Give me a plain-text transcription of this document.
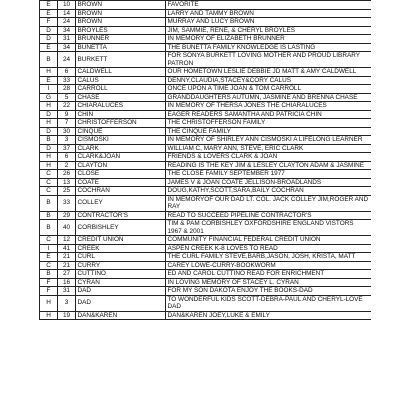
E	10	BROWN	FAVORITE
E	14	BROWN	LARRY AND TAMMY BROWN
F	24	BROWN	MURRAY AND LUCY BROWN
D	34	BROYLES	JIM, SAMMIE, RENE, & CHERYL BROYLES
D	31	BRUNNER	IN MEMORY OF ELIZABETH BRUNNER
E	34	BUNETTA	THE BUNETTA FAMILY KNOWLEDGE IS LASTING
B	24	BURKETT	FOR SONYA BURKETT LOVING MOTHER AND PROUD LIBRARY PATRON
H	6	CALDWELL	OUR HOMETOWN LESLIE DEBBIE JD MATT & AMY CALDWELL
E	33	CALUS	DENNY,CLAUDIA,STACEY&CORY CALUS
I	28	CARROLL	ONCE UPON A TIME JOAN & TOM CARROLL
G	5	CHASE	GRANDDAUGHTERS AUTUMN, JASMINE AND BRENNA CHASE
H	22	CHIARALUCES	IN MEMORY OF THERSA JONES THE CHIARALUCES
D	9	CHIN	EAGER READERS SAMANTHA AND PATRICIA CHIN
H	7	CHRISTOFFERSON	THE CHRISTOFFERSON FAMILY
D	30	CINQUE	THE CINQUE FAMILY
B	3	CISMOSKI	IN MEMORY OF SHIRLEY ANN CISMOSKI A LIFELONG LEARNER
D	37	CLARK	WILLIAM C, MARY ANN, STEVE, ERIC CLARK
H	6	CLARK&JOAN	FRIENDS & LOVERS CLARK & JOAN
H	2	CLAYTON	READING IS THE KEY JIM & LESLEY CLAYTON ADAM & JASMINE
C	26	CLOSE	THE CLOSE FAMILY SEPTEMBER 1977
C	13	COATE	JAMES V & JOAN COATE JELLISON-BROADLANDS
C	25	COCHRAN	DOUG,KATHY,SCOTT,SARA,BAILY COCHRAN
B	33	COLLEY	IN MEMORYOF OUR DAD LT. COL. JACK COLLEY JIM,ROGER AND RAY
B	29	CONTRACTOR'S	READ TO SUCCEED PIPELINE CONTRACTOR'S
B	40	CORBISHLEY	TIM & PAM CORBISHLEY OXFORDSHIRE ENGLAND VISTORS 1967 & 2001
C	12	CREDIT UNION	COMMUNITY FINANCIAL FEDERAL CREDIT UNION
I	41	CREEK	ASPEN CREEK K-8 LOVES TO READ
E	21	CURL	THE CURL FAMILY STEVE,BARB,JASON, JOSH, KRISTA, MATT
C	21	CURRY	CAREY LOWE-CURRY-BOOKWORM
B	27	CUTTINO	ED AND CAROL CUTTINO READ FOR ENRICHMENT
F	16	CYRAN	IN LOVING MEMORY OF STACEY L. CYRAN
F	31	DAD	FOR MY SON DAKOTA ENJOY THE BOOKS-DAD
H	3	DAD	TO WONDERFUL KIDS SCOTT-DEBRA-PAUL AND CHERYL-LOVE DAD
H	19	DAN&KAREN	DAN&KAREN JOEY,LUKE & EMILY
